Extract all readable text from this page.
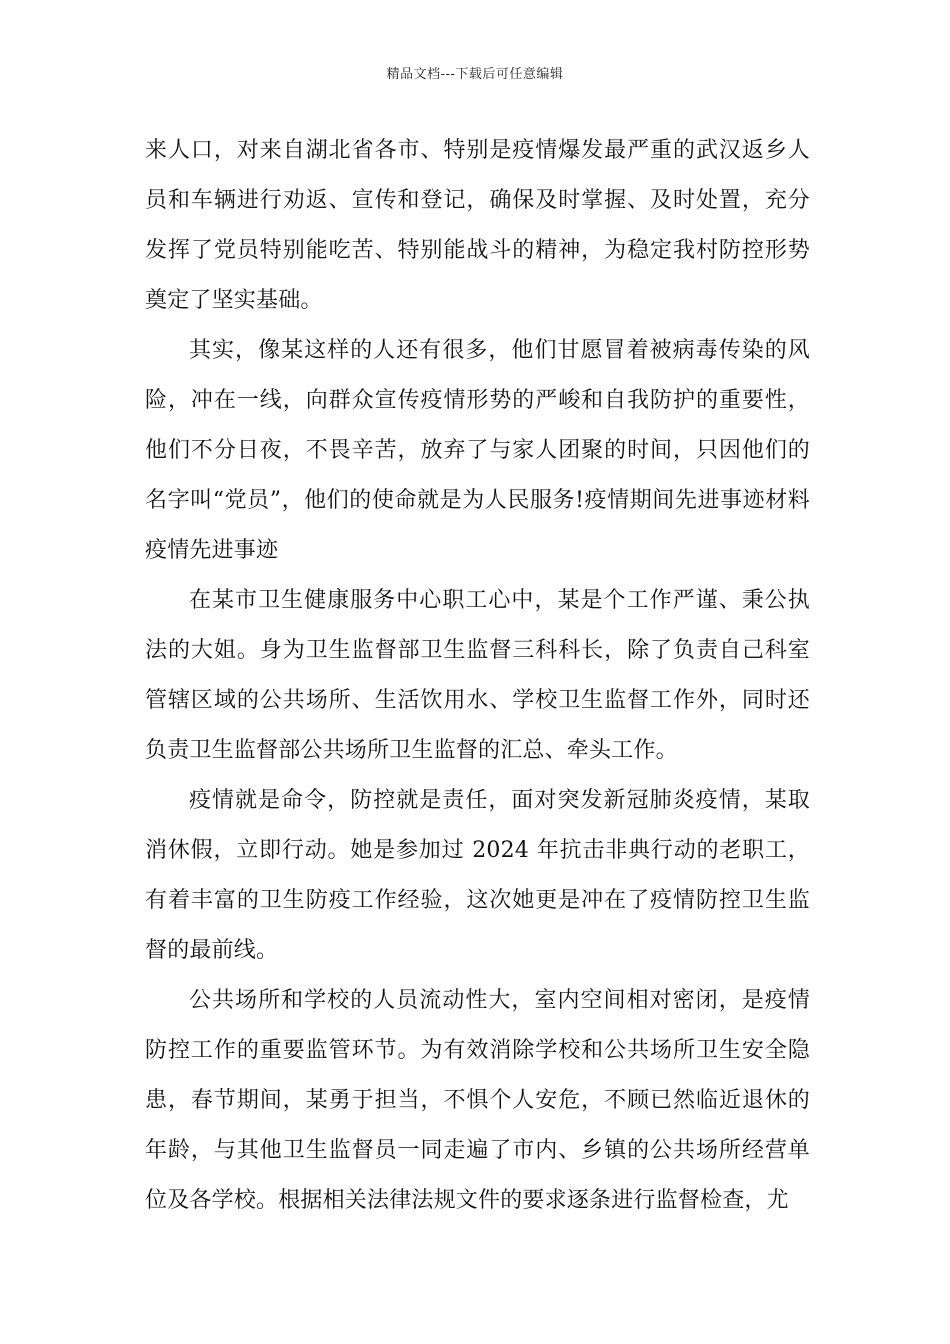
精品文档---下载后可任意编辑

来人口，对来自湖北省各市、特别是疫情爆发最严重的武汉返乡人员和车辆进行劝返、宣传和登记，确保及时掌握、及时处置，充分发挥了党员特别能吃苦、特别能战斗的精神，为稳定我村防控形势奠定了坚实基础。

其实，像某这样的人还有很多，他们甘愿冒着被病毒传染的风险，冲在一线，向群众宣传疫情形势的严峻和自我防护的重要性，他们不分日夜，不畏辛苦，放弃了与家人团聚的时间，只因他们的名字叫“党员”，他们的使命就是为人民服务!疫情期间先进事迹材料疫情先进事迹

在某市卫生健康服务中心职工心中，某是个工作严谨、秉公执法的大姐。身为卫生监督部卫生监督三科科长，除了负责自己科室管辖区域的公共场所、生活饮用水、学校卫生监督工作外，同时还负责卫生监督部公共场所卫生监督的汇总、牵头工作。

疫情就是命令，防控就是责任，面对突发新冠肺炎疫情，某取消休假，立即行动。她是参加过 2024 年抗击非典行动的老职工，有着丰富的卫生防疫工作经验，这次她更是冲在了疫情防控卫生监督的最前线。

公共场所和学校的人员流动性大，室内空间相对密闭，是疫情防控工作的重要监管环节。为有效消除学校和公共场所卫生安全隐患，春节期间，某勇于担当，不惧个人安危，不顾已然临近退休的年龄，与其他卫生监督员一同走遍了市内、乡镇的公共场所经营单位及各学校。根据相关法律法规文件的要求逐条进行监督检查，尤
